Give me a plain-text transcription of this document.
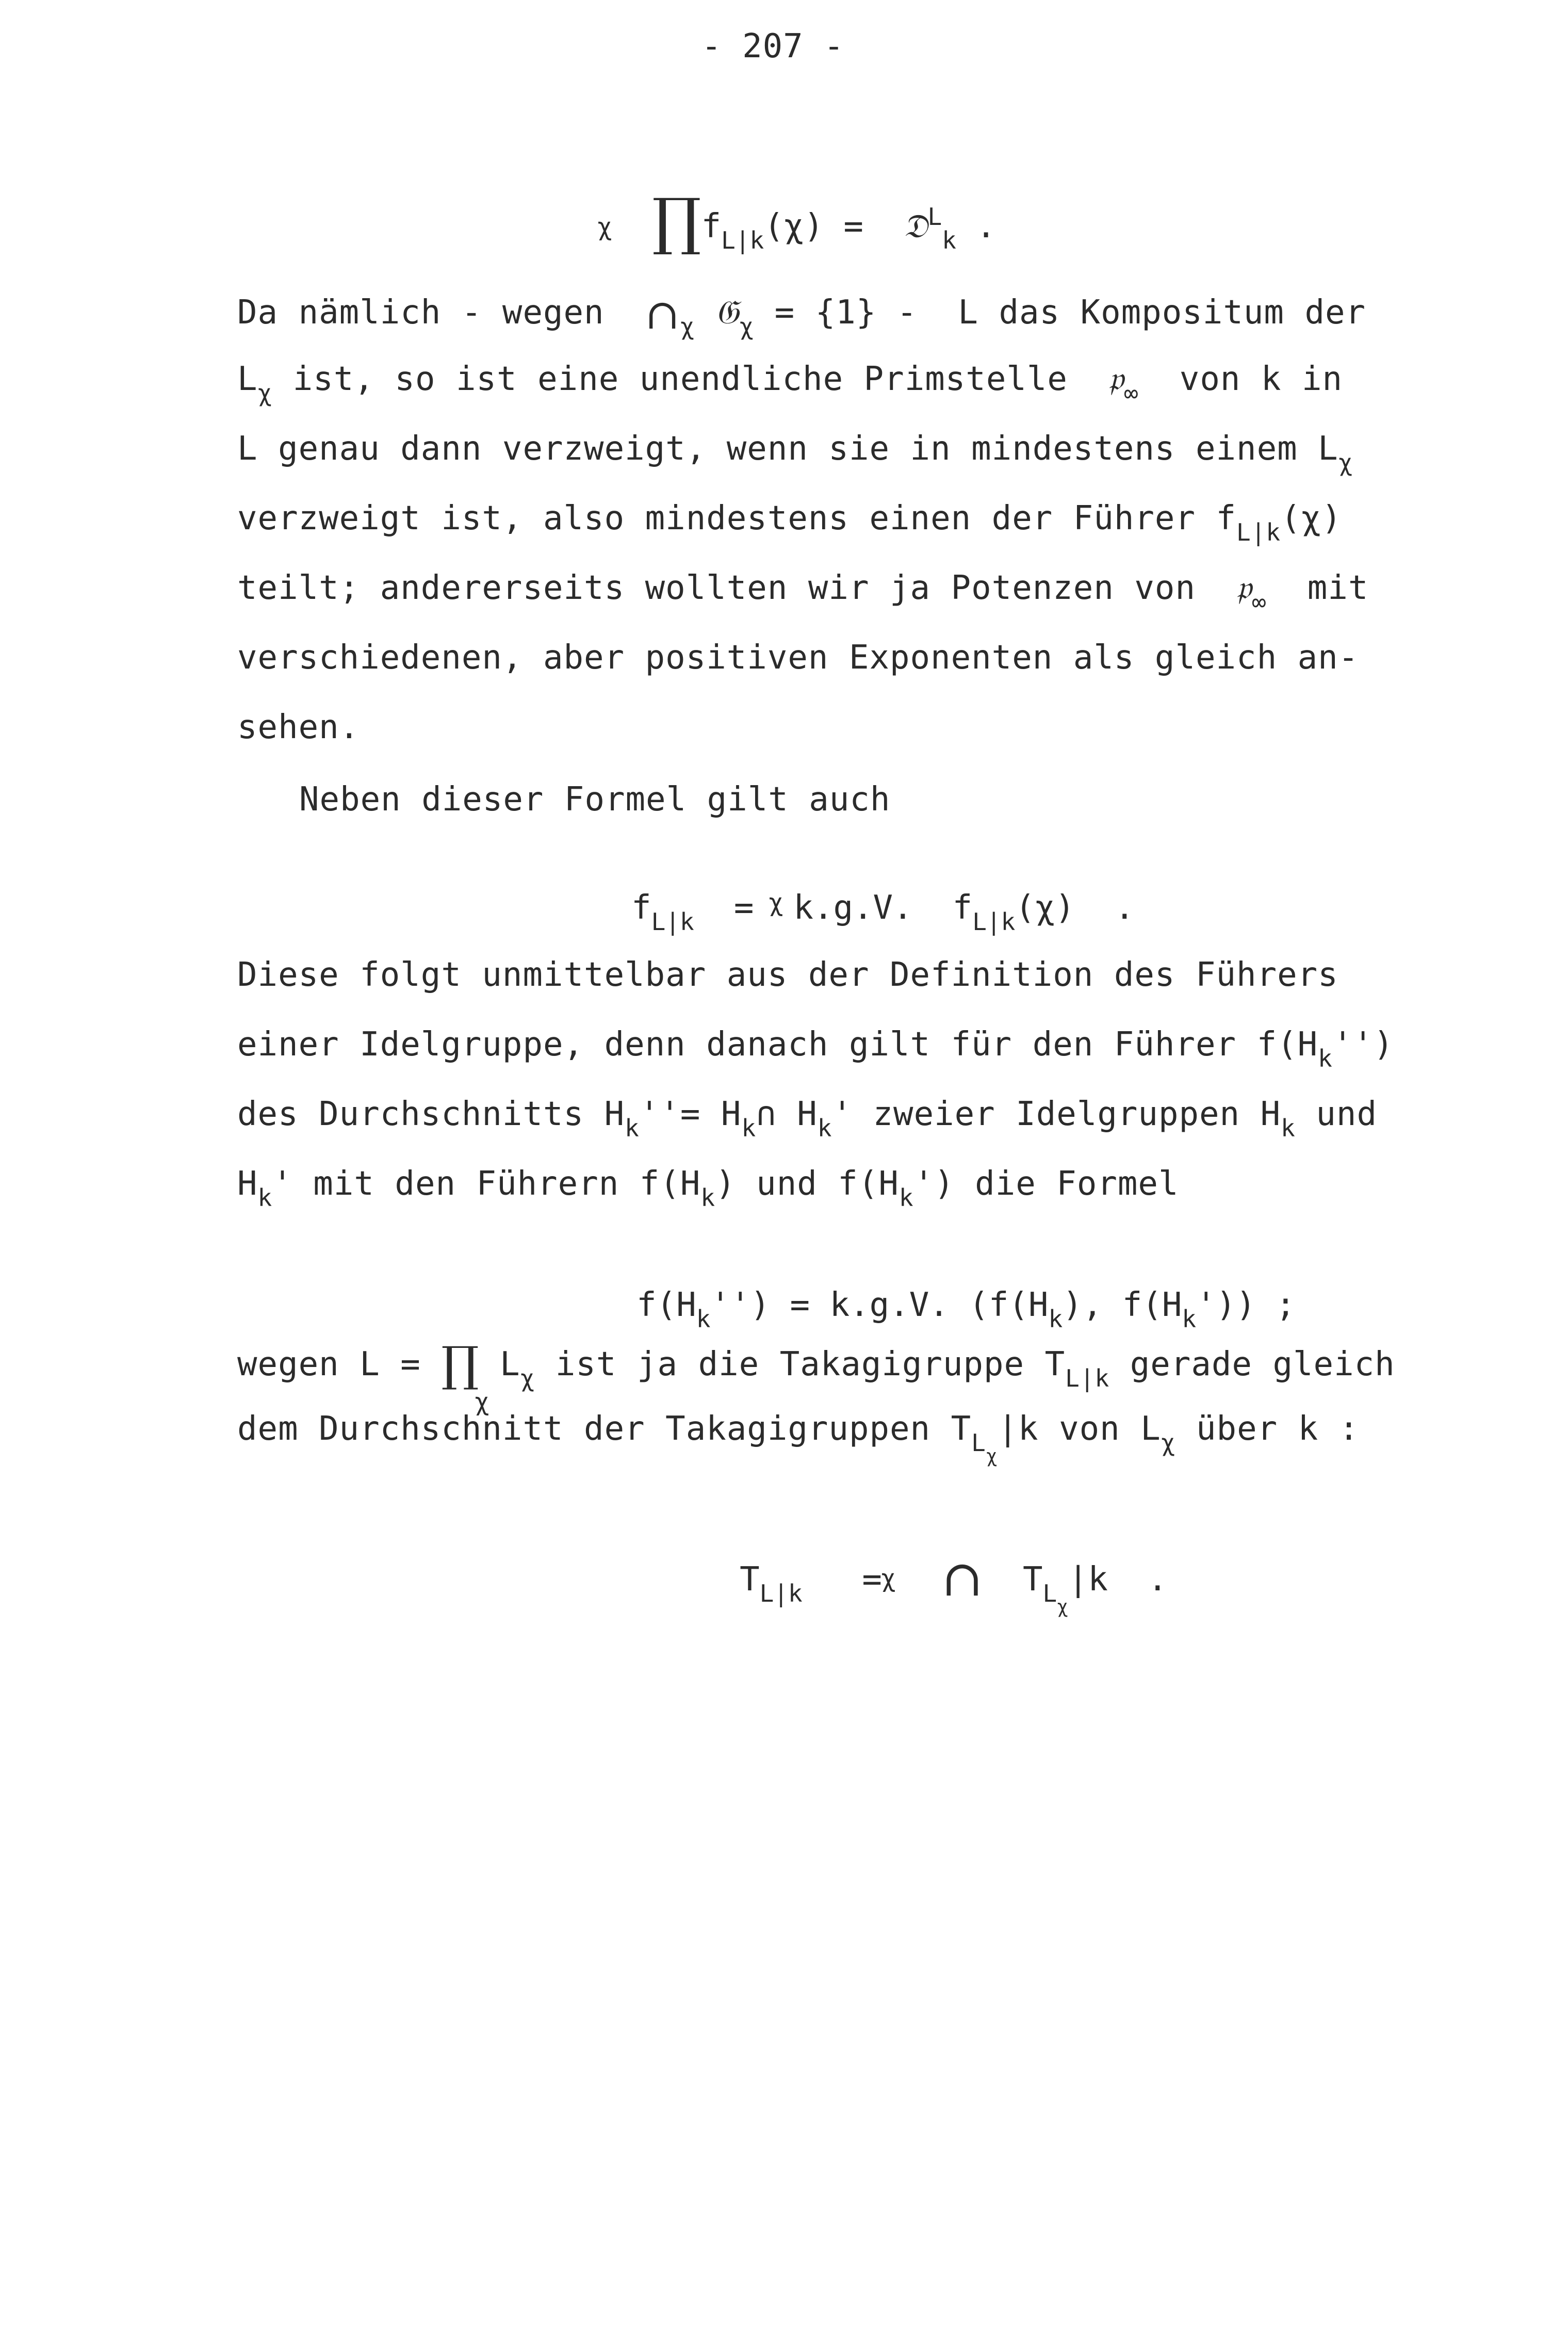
- 207 -

$\prod f_{L|k}(\chi)$ = 𝔇$^L_k$ .

χ

Da nämlich - wegen $\cap_\chi$ 𝔊$_\chi$ = {1} -  L das Kompositum der
$L_\chi$ ist, so ist eine unendliche Primstelle 𝔭$_\infty$ von k in
L genau dann verzweigt, wenn sie in mindestens einem $L_\chi$
verzweigt ist, also mindestens einen der Führer $f_{L|k}(\chi)$
teilt; andererseits wollten wir ja Potenzen von 𝔭$_\infty$ mit
verschiedenen, aber positiven Exponenten als gleich an-
sehen.
Neben dieser Formel gilt auch

$f_{L|k} = k.g.V$. $f_{L|k}(\chi)$ .

χ

Diese folgt unmittelbar aus der Definition des Führers
einer Idelgruppe, denn danach gilt für den Führer $f(H_k'')$
des Durchschnitts $H_k''=$ $H_k\cap$ $H_k'$ zweier Idelgruppen $H_k$ und
$H_k'$ mit den Führern $f(H_k)$ und $f(H_k')$ die Formel

$f(H_k'') = k.g.V$. ($f(H_k)$, $f(H_k')$) ;

wegen L = ∏ $L_\chi$ ist ja die Takagigruppe $T_{L|k}$ gerade gleich
χ
dem Durchschnitt der Takagigruppen $T_{L\chi}|k$ von $L_\chi$ über k :

$T_{L|k}$ = ∩ $T_{L\chi}|k$ .

χ
